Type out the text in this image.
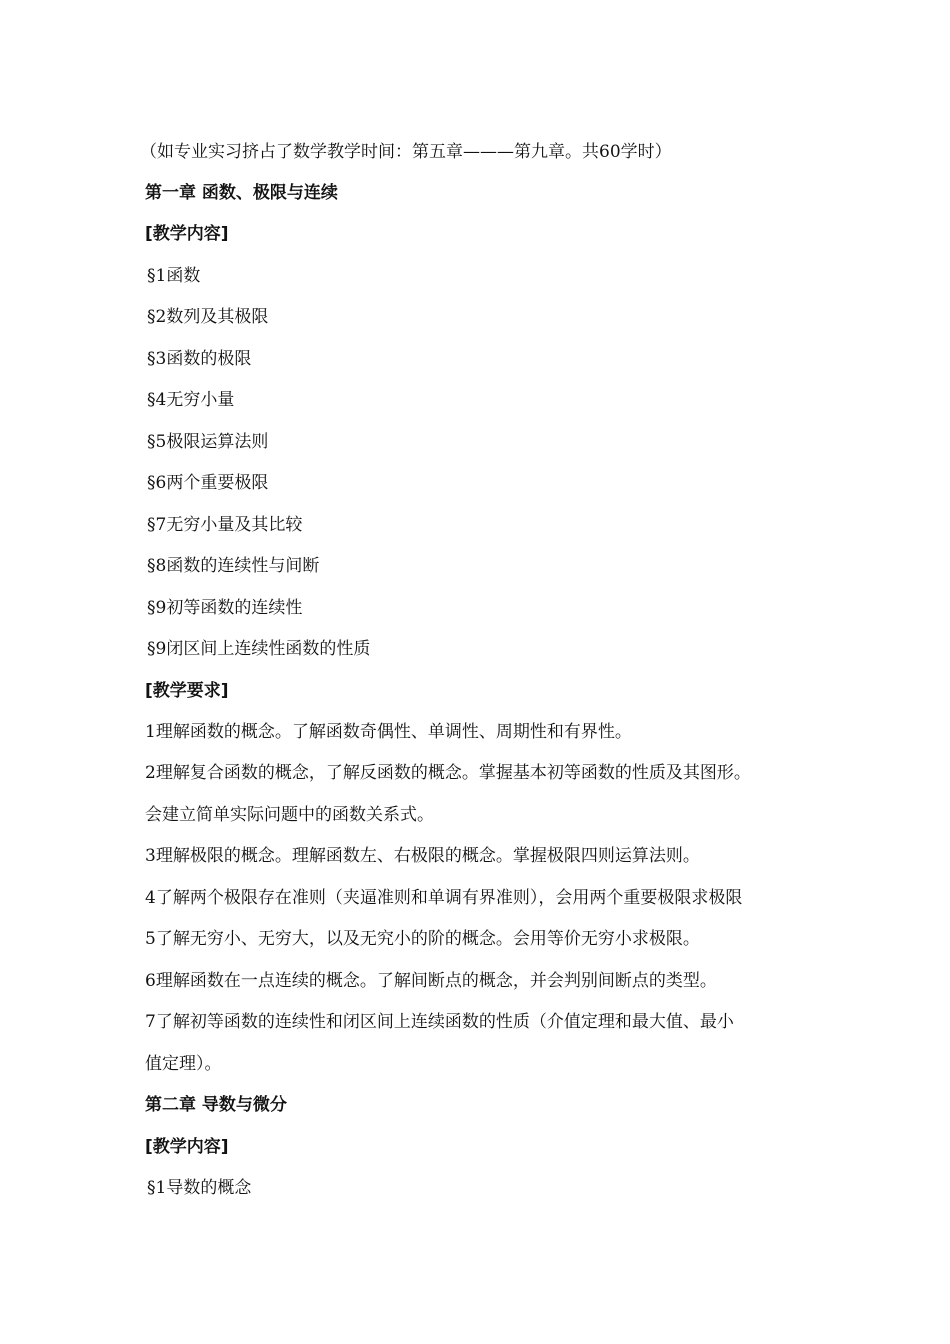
（如专业实习挤占了数学教学时间：第五章———第九章。共60学时）
第一章 函数、极限与连续
[教学内容]
§1函数
§2数列及其极限
§3函数的极限
§4无穷小量
§5极限运算法则
§6两个重要极限
§7无穷小量及其比较
§8函数的连续性与间断
§9初等函数的连续性
§9闭区间上连续性函数的性质
[教学要求]
1理解函数的概念。了解函数奇偶性、单调性、周期性和有界性。
2理解复合函数的概念，了解反函数的概念。掌握基本初等函数的性质及其图形。
会建立简单实际问题中的函数关系式。
3理解极限的概念。理解函数左、右极限的概念。掌握极限四则运算法则。
4了解两个极限存在准则（夹逼准则和单调有界准则），会用两个重要极限求极限
5了解无穷小、无穷大，以及无究小的阶的概念。会用等价无穷小求极限。
6理解函数在一点连续的概念。了解间断点的概念，并会判别间断点的类型。
7了解初等函数的连续性和闭区间上连续函数的性质（介值定理和最大值、最小
值定理）。
第二章 导数与微分
[教学内容]
§1导数的概念
